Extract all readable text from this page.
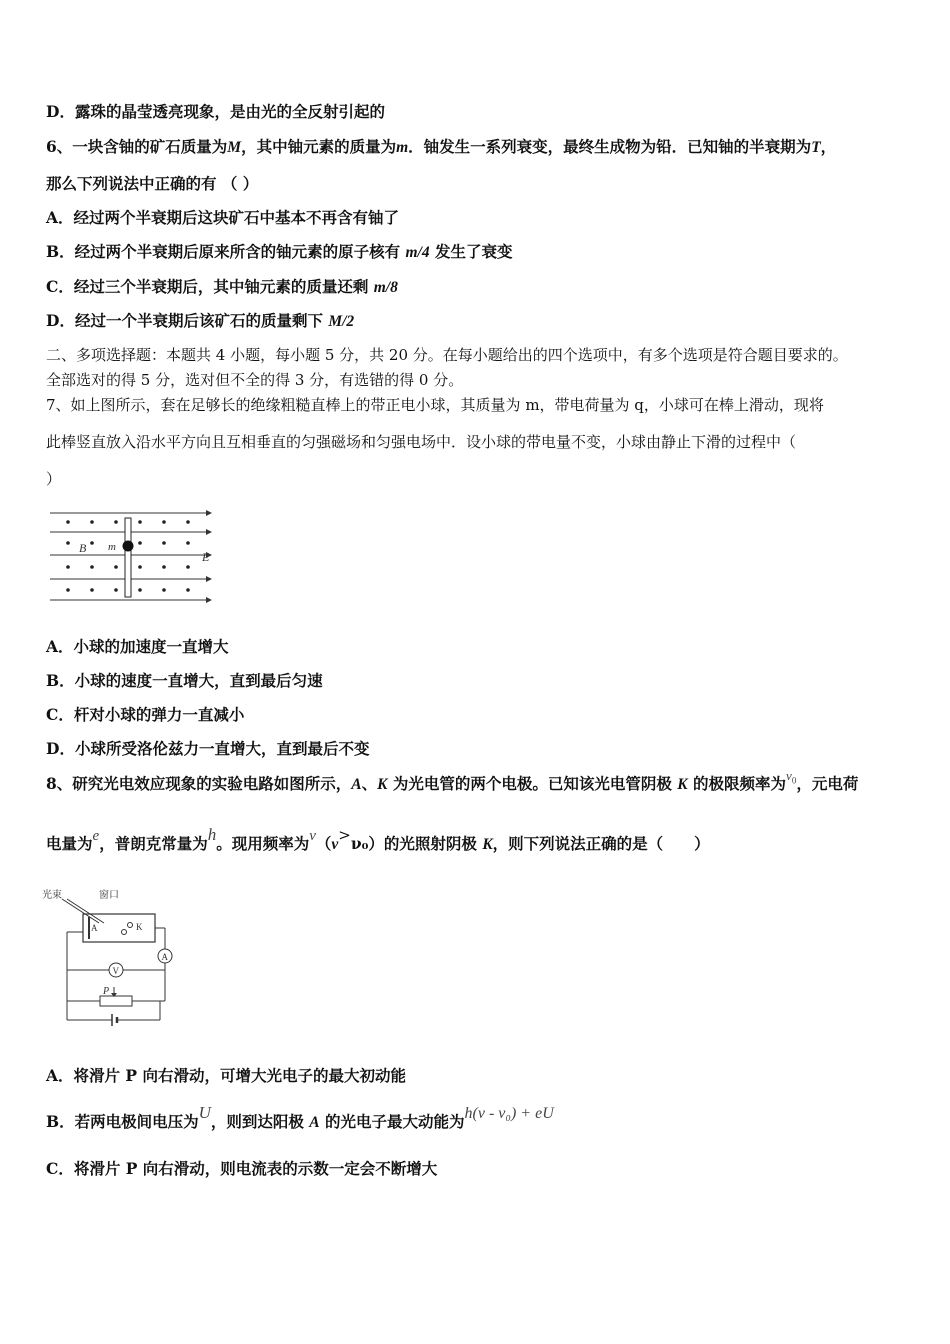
D．露珠的晶莹透亮现象，是由光的全反射引起的
6、一块含铀的矿石质量为M，其中铀元素的质量为m．铀发生一系列衰变，最终生成物为铅．已知铀的半衰期为T，
那么下列说法中正确的有 （ ）
A．经过两个半衰期后这块矿石中基本不再含有铀了
B．经过两个半衰期后原来所含的铀元素的原子核有 m/4 发生了衰变
C．经过三个半衰期后，其中铀元素的质量还剩 m/8
D．经过一个半衰期后该矿石的质量剩下 M/2
二、多项选择题：本题共 4 小题，每小题 5 分，共 20 分。在每小题给出的四个选项中，有多个选项是符合题目要求的。
全部选对的得 5 分，选对但不全的得 3 分，有选错的得 0 分。
7、如上图所示，套在足够长的绝缘粗糙直棒上的带正电小球，其质量为 m，带电荷量为 q，小球可在棒上滑动，现将
此棒竖直放入沿水平方向且互相垂直的匀强磁场和匀强电场中．设小球的带电量不变，小球由静止下滑的过程中（
）
B m
E
A．小球的加速度一直增大
B．小球的速度一直增大，直到最后匀速
C．杆对小球的弹力一直减小
D．小球所受洛伦兹力一直增大，直到最后不变
8、研究光电效应现象的实验电路如图所示，A、K 为光电管的两个电极。已知该光电管阴极 K 的极限频率为$^{\nu_0}$，元电荷
电量为e，普朗克常量为h。现用频率为ν（ν>ν₀）的光照射阴极 K，则下列说法正确的是（　　）
光束	窗口
A	K
A
V
P
A．将滑片 P 向右滑动，可增大光电子的最大初动能
B．若两电极间电压为U，则到达阳极 A 的光电子最大动能为h(ν - ν₀) + eU
C．将滑片 P 向右滑动，则电流表的示数一定会不断增大
